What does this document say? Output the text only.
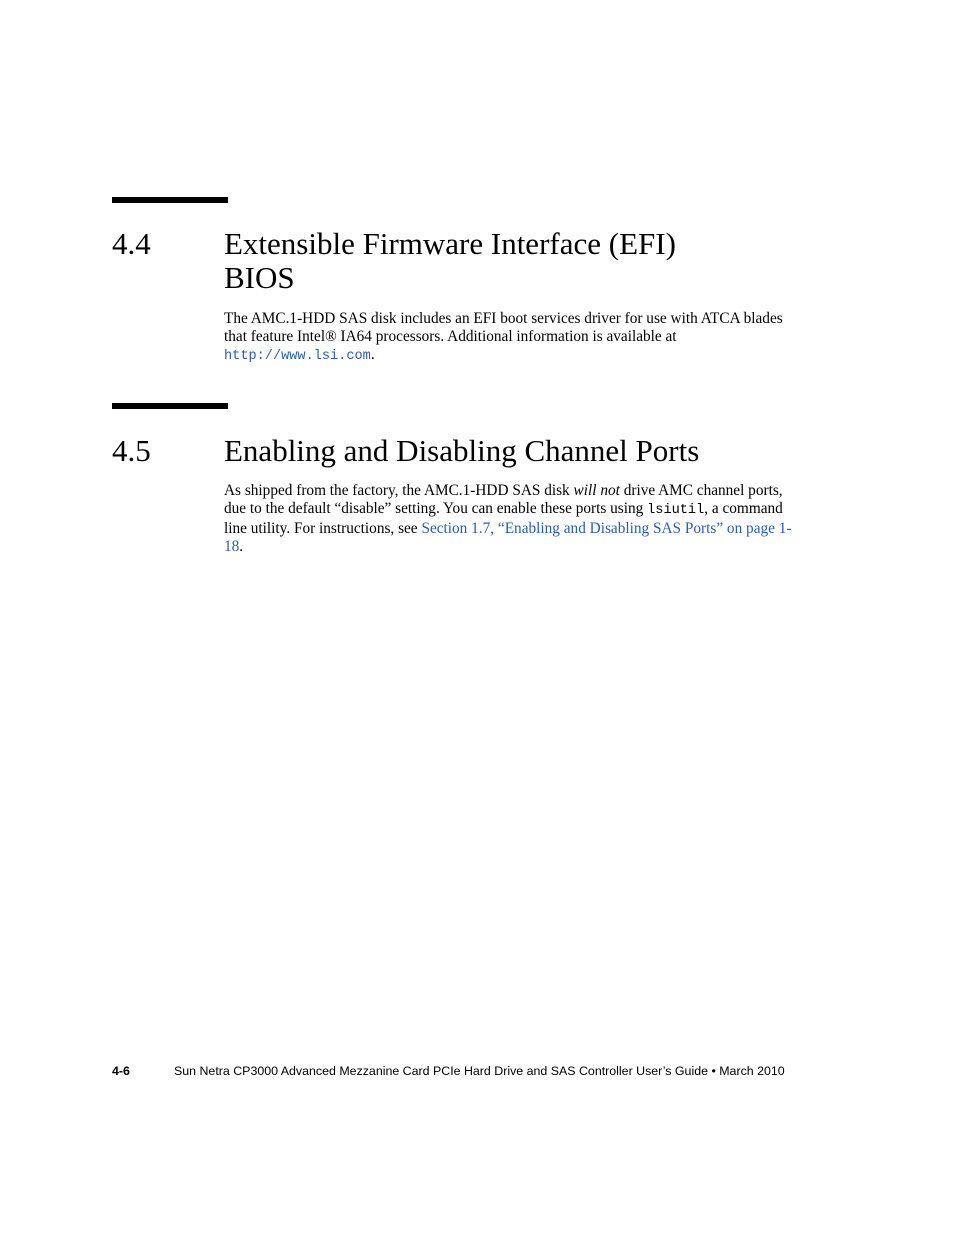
4.4 Extensible Firmware Interface (EFI)
BIOS

The AMC.1-HDD SAS disk includes an EFI boot services driver for use with ATCA blades that feature Intel® IA64 processors. Additional information is available at http://www.lsi.com.

4.5 Enabling and Disabling Channel Ports

As shipped from the factory, the AMC.1-HDD SAS disk will not drive AMC channel ports, due to the default “disable” setting. You can enable these ports using lsiutil, a command line utility. For instructions, see Section 1.7, “Enabling and Disabling SAS Ports” on page 1-18.

4-6	Sun Netra CP3000 Advanced Mezzanine Card PCIe Hard Drive and SAS Controller User’s Guide • March 2010
